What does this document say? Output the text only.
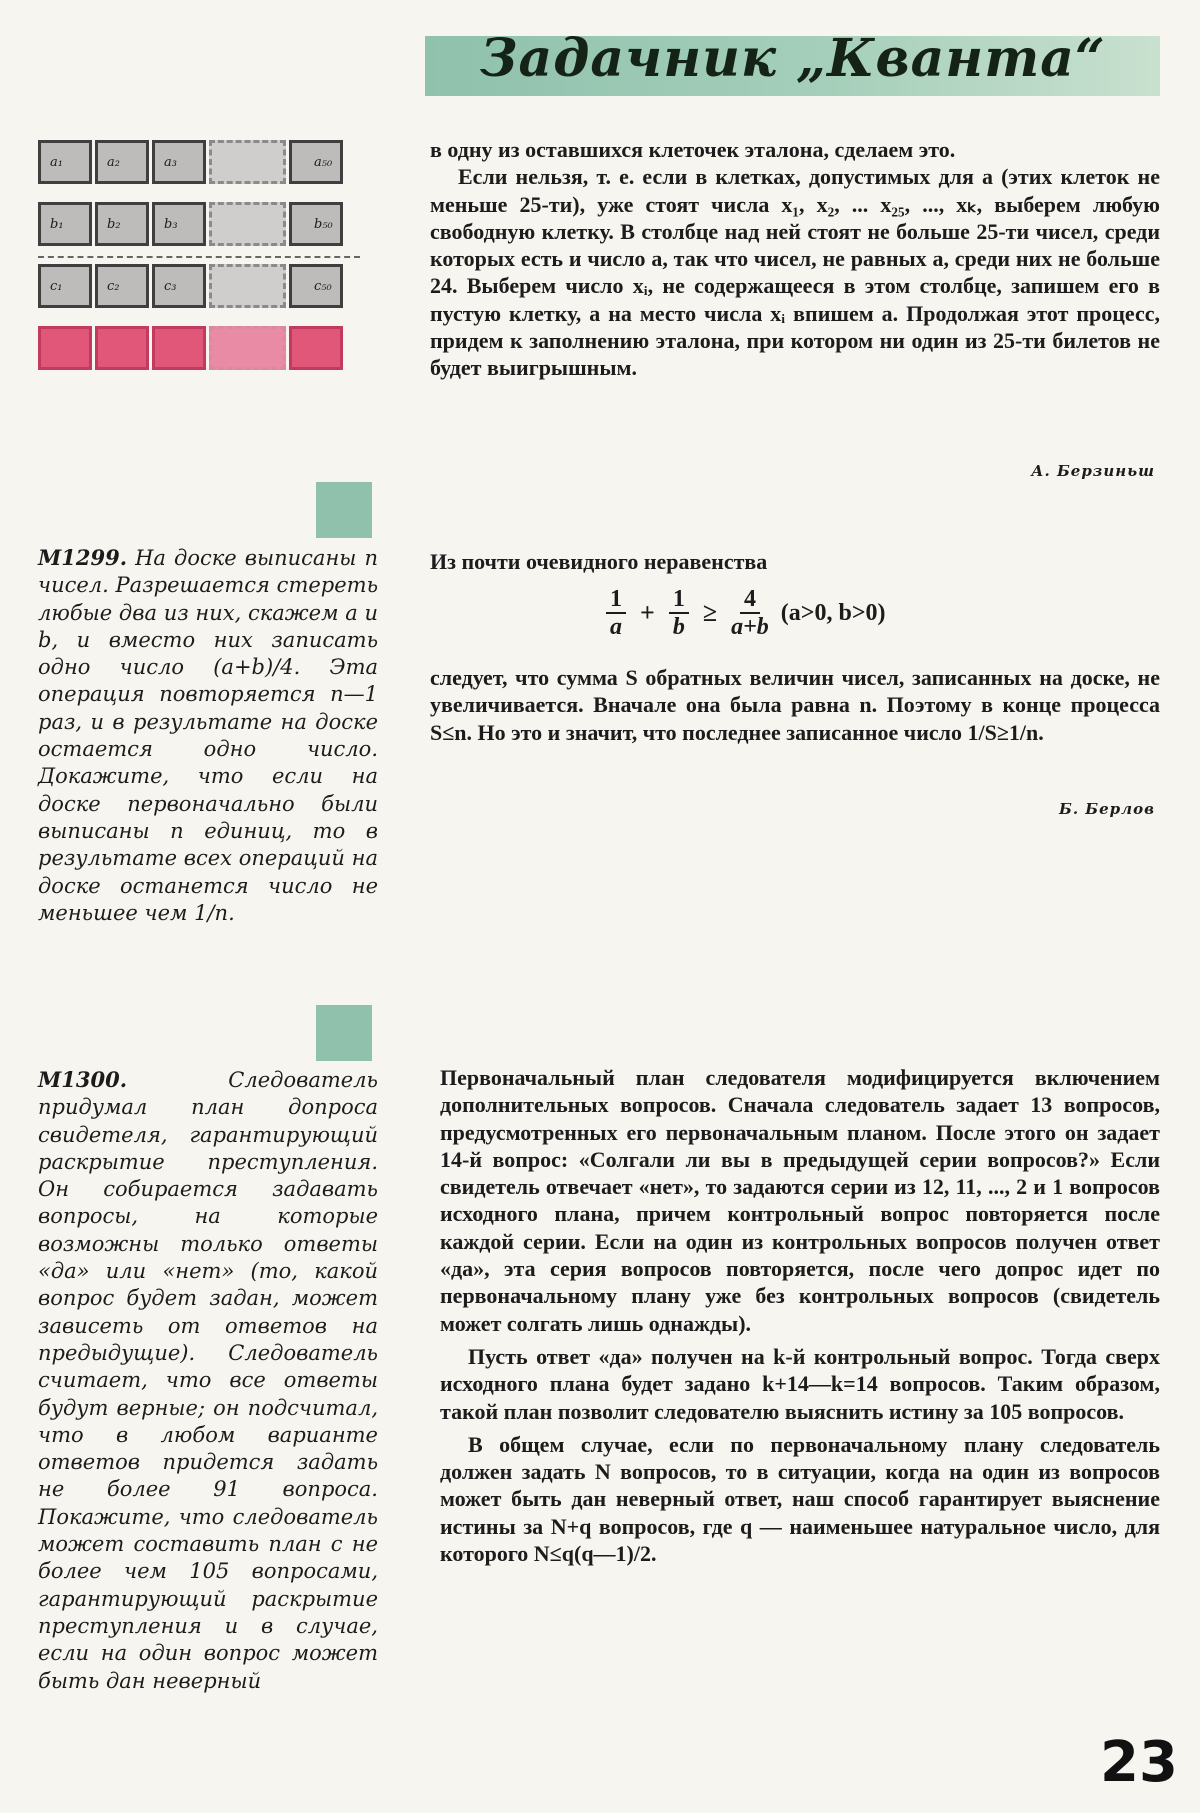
Задачник „Кванта“
a₁	a₂	a₃	a₅₀
b₁	b₂	b₃	b₅₀
c₁	c₂	c₃	c₅₀

в одну из оставшихся клеточек эталона, сделаем это.

Если нельзя, т. е. если в клетках, допустимых для a (этих клеток не меньше 25-ти), уже стоят числа x₁, x₂, ... x₂₅, ..., xₖ, выберем любую свободную клетку. В столбце над ней стоят не больше 25-ти чисел, среди которых есть и число a, так что чисел, не равных a, среди них не больше 24. Выберем число xᵢ, не содержащееся в этом столбце, запишем его в пустую клетку, а на место числа xᵢ впишем a. Продолжая этот процесс, придем к заполнению эталона, при котором ни один из 25-ти билетов не будет выигрышным.

А. Берзиньш

М1299. На доске выписаны n чисел. Разрешается стереть любые два из них, скажем a и b, и вместо них записать одно число (a+b)/4. Эта операция повторяется n—1 раз, и в результате на доске остается одно число. Докажите, что если на доске первоначально были выписаны n единиц, то в результате всех операций на доске останется число не меньшее чем 1/n.

Из почти очевидного неравенства

$\frac{1}{a} + \frac{1}{b} \ge \frac{4}{a+b} (a>0$, b>0)

следует, что сумма S обратных величин чисел, записанных на доске, не увеличивается. Вначале она была равна n. Поэтому в конце процесса S≤n. Но это и значит, что последнее записанное число 1/S≥1/n.

Б. Берлов

М1300.	Следователь придумал план допроса свидетеля, гарантирующий раскрытие преступления. Он собирается задавать вопросы, на которые возможны только ответы «да» или «нет» (то, какой вопрос будет задан, может зависеть от ответов на предыдущие). Следователь считает, что все ответы будут верные; он подсчитал, что в любом варианте ответов придется задать не более 91 вопроса. Покажите, что следователь может составить план с не более чем 105 вопросами, гарантирующий раскрытие преступления и в случае, если на один вопрос может быть дан неверный

Первоначальный план следователя модифицируется включением дополнительных вопросов. Сначала следователь задает 13 вопросов, предусмотренных его первоначальным планом. После этого он задает 14-й вопрос: «Солгали ли вы в предыдущей серии вопросов?» Если свидетель отвечает «нет», то задаются серии из 12, 11, ..., 2 и 1 вопросов исходного плана, причем контрольный вопрос повторяется после каждой серии. Если на один из контрольных вопросов получен ответ «да», эта серия вопросов повторяется, после чего допрос идет по первоначальному плану уже без контрольных вопросов (свидетель может солгать лишь однажды).

Пусть ответ «да» получен на k-й контрольный вопрос. Тогда сверх исходного плана будет задано k+14—k=14 вопросов. Таким образом, такой план позволит следователю выяснить истину за 105 вопросов.

В общем случае, если по первоначальному плану следователь должен задать N вопросов, то в ситуации, когда на один из вопросов может быть дан неверный ответ, наш способ гарантирует выяснение истины за N+q вопросов, где q — наименьшее натуральное число, для которого N≤q(q—1)/2.

23
